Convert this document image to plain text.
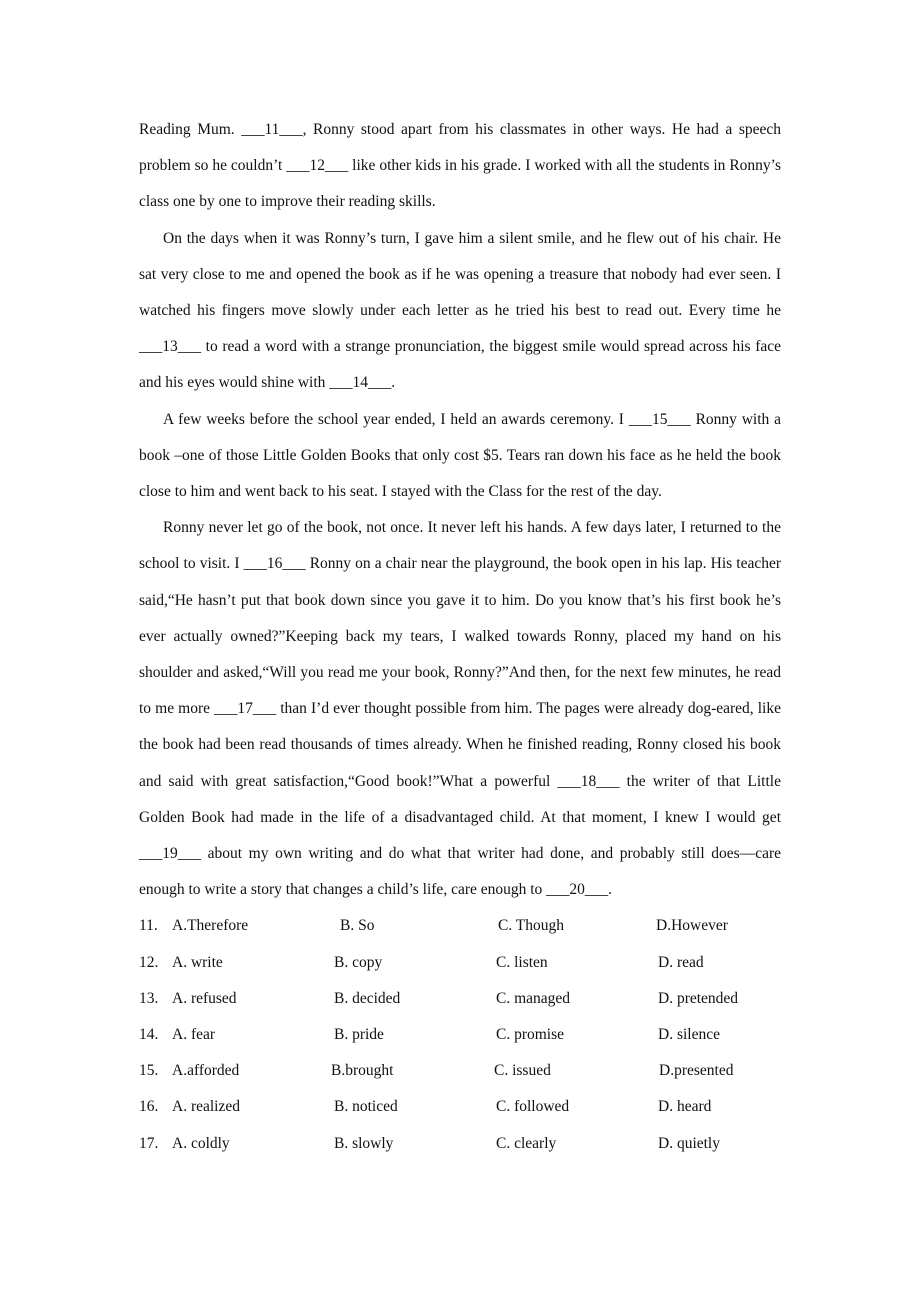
Reading Mum. ___11___, Ronny stood apart from his classmates in other ways. He had a speech problem so he couldn’t ___12___ like other kids in his grade. I worked with all the students in Ronny’s class one by one to improve their reading skills.

On the days when it was Ronny’s turn, I gave him a silent smile, and he flew out of his chair. He sat very close to me and opened the book as if he was opening a treasure that nobody had ever seen. I watched his fingers move slowly under each letter as he tried his best to read out. Every time he ___13___ to read a word with a strange pronunciation, the biggest smile would spread across his face and his eyes would shine with ___14___.

A few weeks before the school year ended, I held an awards ceremony. I ___15___ Ronny with a book –one of those Little Golden Books that only cost $5. Tears ran down his face as he held the book close to him and went back to his seat. I stayed with the Class for the rest of the day.

Ronny never let go of the book, not once. It never left his hands. A few days later, I returned to the school to visit. I ___16___ Ronny on a chair near the playground, the book open in his lap. His teacher said,“He hasn’t put that book down since you gave it to him. Do you know that’s his first book he’s ever actually owned?”Keeping back my tears, I walked towards Ronny, placed my hand on his shoulder and asked,“Will you read me your book, Ronny?”And then, for the next few minutes, he read to me more ___17___ than I’d ever thought possible from him. The pages were already dog-eared, like the book had been read thousands of times already. When he finished reading, Ronny closed his book and said with great satisfaction,“Good book!”What a powerful ___18___ the writer of that Little Golden Book had made in the life of a disadvantaged child. At that moment, I knew I would get ___19___ about my own writing and do what that writer had done, and probably still does—care enough to write a story that changes a child’s life, care enough to ___20___.

11. A.Therefore	B. So	C. Though	D.However
12. A. write	B. copy	C. listen	D. read
13. A. refused	B. decided	C. managed	D. pretended
14. A. fear	B. pride	C. promise	D. silence
15. A.afforded	B.brought	C. issued	D.presented
16. A. realized	B. noticed	C. followed	D. heard
17. A. coldly	B. slowly	C. clearly	D. quietly
